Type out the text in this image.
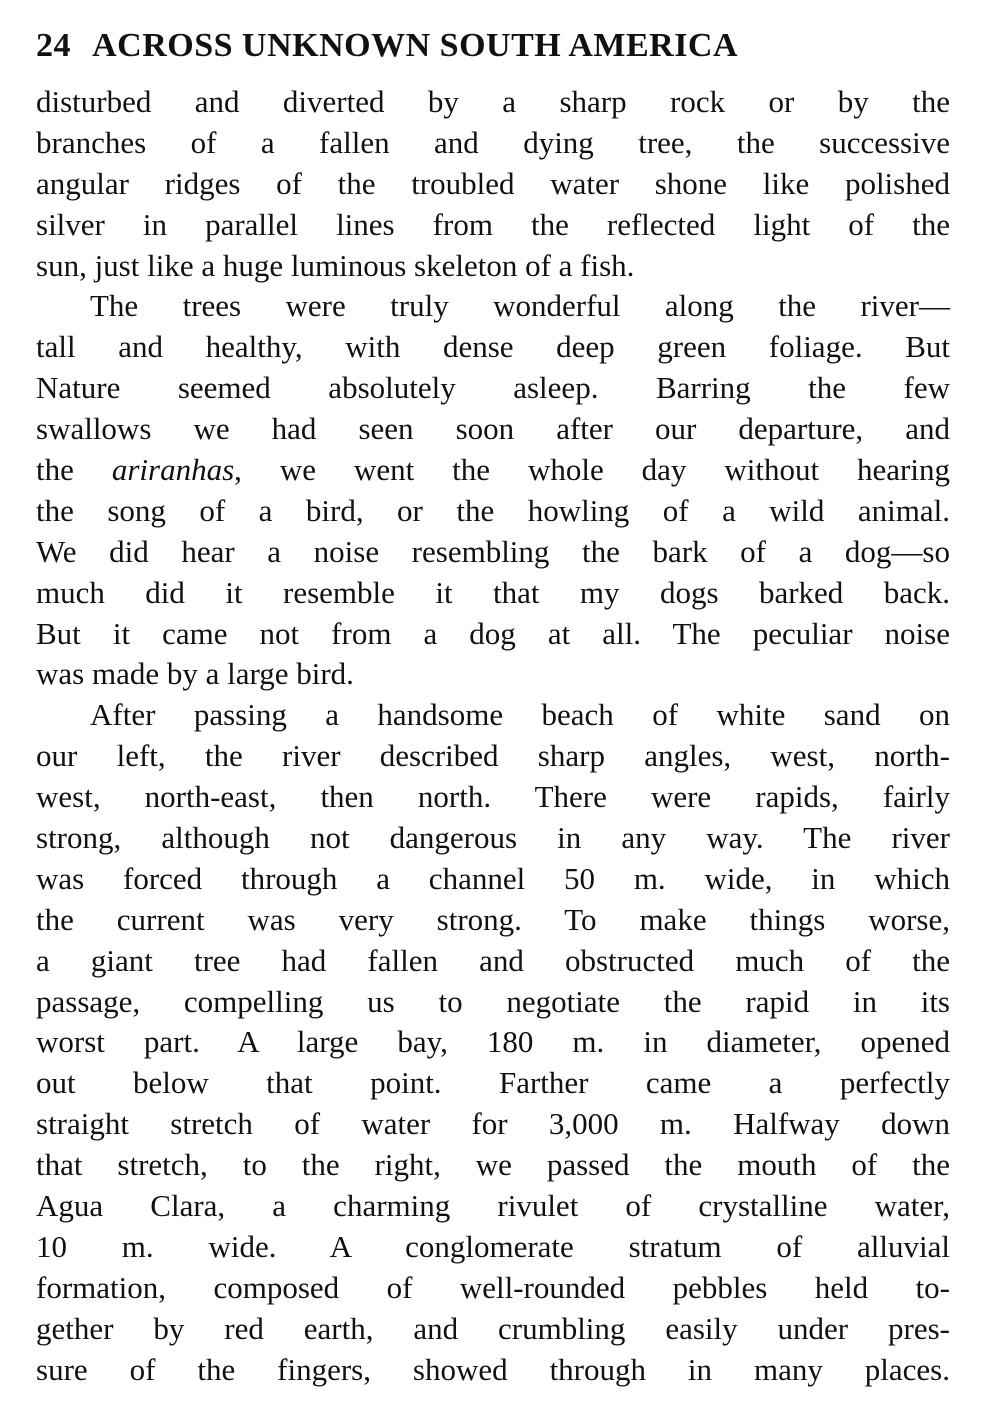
24 ACROSS UNKNOWN SOUTH AMERICA
disturbed and diverted by a sharp rock or by the
branches of a fallen and dying tree, the successive
angular ridges of the troubled water shone like polished
silver in parallel lines from the reflected light of the
sun, just like a huge luminous skeleton of a fish.
The trees were truly wonderful along the river—
tall and healthy, with dense deep green foliage. But
Nature seemed absolutely asleep. Barring the few
swallows we had seen soon after our departure, and
the ariranhas, we went the whole day without hearing
the song of a bird, or the howling of a wild animal.
We did hear a noise resembling the bark of a dog—so
much did it resemble it that my dogs barked back.
But it came not from a dog at all. The peculiar noise
was made by a large bird.
After passing a handsome beach of white sand on
our left, the river described sharp angles, west, north-
west, north-east, then north. There were rapids, fairly
strong, although not dangerous in any way. The river
was forced through a channel 50 m. wide, in which
the current was very strong. To make things worse,
a giant tree had fallen and obstructed much of the
passage, compelling us to negotiate the rapid in its
worst part. A large bay, 180 m. in diameter, opened
out below that point. Farther came a perfectly
straight stretch of water for 3,000 m. Halfway down
that stretch, to the right, we passed the mouth of the
Agua Clara, a charming rivulet of crystalline water,
10 m. wide. A conglomerate stratum of alluvial
formation, composed of well-rounded pebbles held to-
gether by red earth, and crumbling easily under pres-
sure of the fingers, showed through in many places.
